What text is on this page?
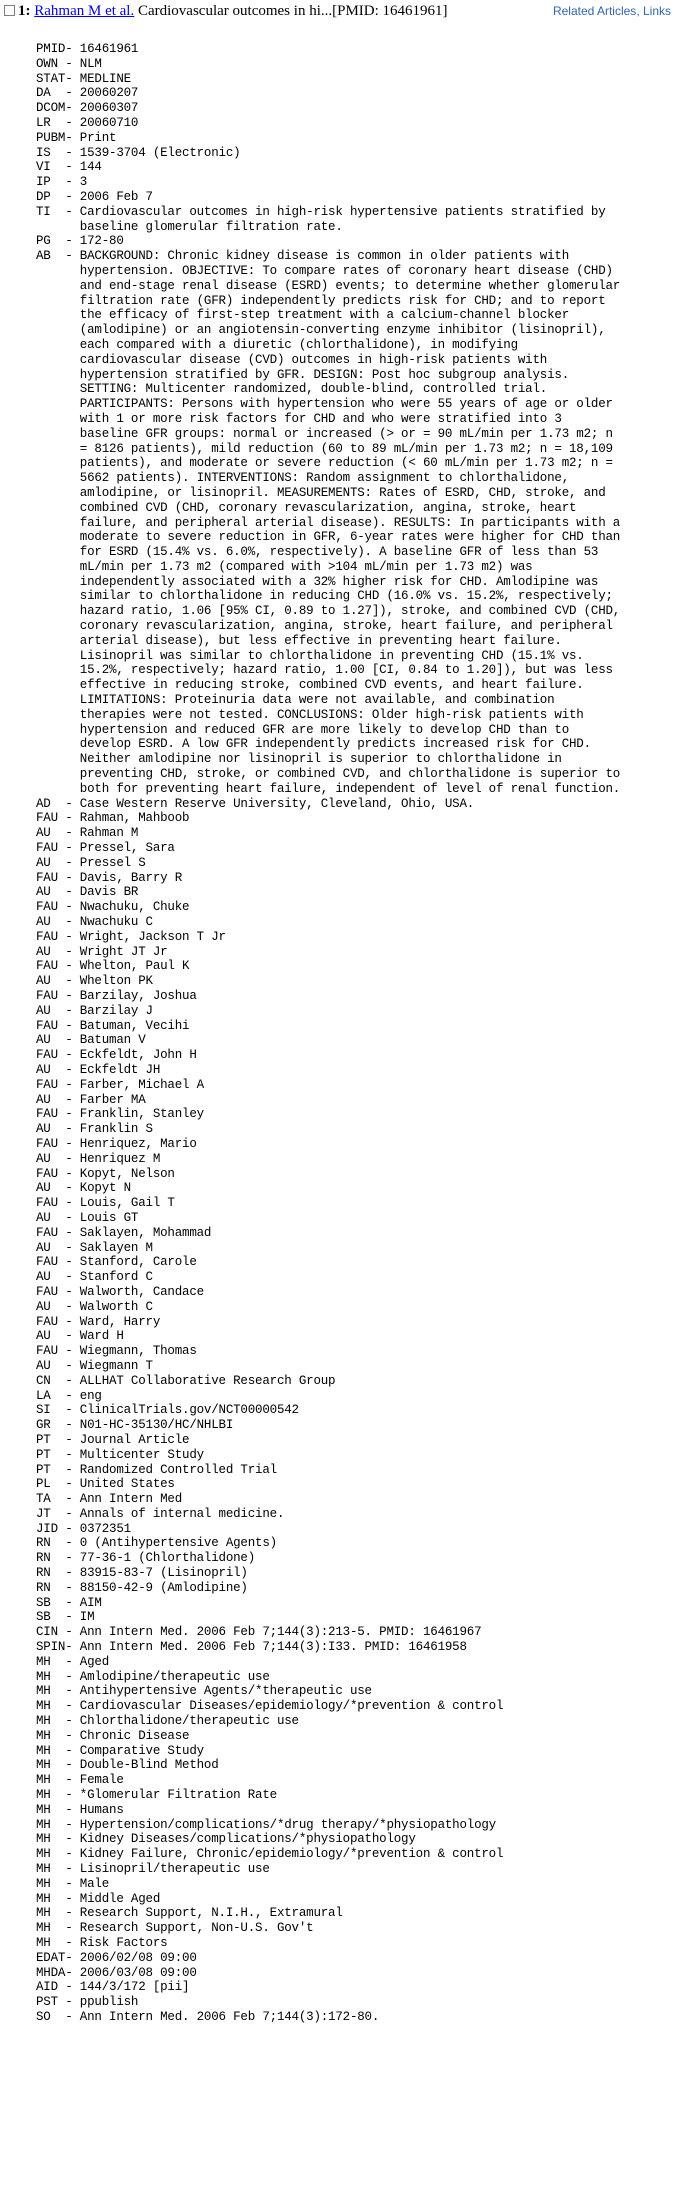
1: Rahman M et al. Cardiovascular outcomes in hi...[PMID: 16461961]	Related Articles, Links
PMID- 16461961
OWN - NLM
STAT- MEDLINE
DA  - 20060207
DCOM- 20060307
LR  - 20060710
PUBM- Print
IS  - 1539-3704 (Electronic)
VI  - 144
IP  - 3
DP  - 2006 Feb 7
TI  - Cardiovascular outcomes in high-risk hypertensive patients stratified by
baseline glomerular filtration rate.
PG  - 172-80
AB  - BACKGROUND: Chronic kidney disease is common in older patients with
hypertension. OBJECTIVE: To compare rates of coronary heart disease (CHD)
and end-stage renal disease (ESRD) events; to determine whether glomerular
filtration rate (GFR) independently predicts risk for CHD; and to report
the efficacy of first-step treatment with a calcium-channel blocker
(amlodipine) or an angiotensin-converting enzyme inhibitor (lisinopril),
each compared with a diuretic (chlorthalidone), in modifying
cardiovascular disease (CVD) outcomes in high-risk patients with
hypertension stratified by GFR. DESIGN: Post hoc subgroup analysis.
SETTING: Multicenter randomized, double-blind, controlled trial.
PARTICIPANTS: Persons with hypertension who were 55 years of age or older
with 1 or more risk factors for CHD and who were stratified into 3
baseline GFR groups: normal or increased (> or = 90 mL/min per 1.73 m2; n
= 8126 patients), mild reduction (60 to 89 mL/min per 1.73 m2; n = 18,109
patients), and moderate or severe reduction (< 60 mL/min per 1.73 m2; n =
5662 patients). INTERVENTIONS: Random assignment to chlorthalidone,
amlodipine, or lisinopril. MEASUREMENTS: Rates of ESRD, CHD, stroke, and
combined CVD (CHD, coronary revascularization, angina, stroke, heart
failure, and peripheral arterial disease). RESULTS: In participants with a
moderate to severe reduction in GFR, 6-year rates were higher for CHD than
for ESRD (15.4% vs. 6.0%, respectively). A baseline GFR of less than 53
mL/min per 1.73 m2 (compared with >104 mL/min per 1.73 m2) was
independently associated with a 32% higher risk for CHD. Amlodipine was
similar to chlorthalidone in reducing CHD (16.0% vs. 15.2%, respectively;
hazard ratio, 1.06 [95% CI, 0.89 to 1.27]), stroke, and combined CVD (CHD,
coronary revascularization, angina, stroke, heart failure, and peripheral
arterial disease), but less effective in preventing heart failure.
Lisinopril was similar to chlorthalidone in preventing CHD (15.1% vs.
15.2%, respectively; hazard ratio, 1.00 [CI, 0.84 to 1.20]), but was less
effective in reducing stroke, combined CVD events, and heart failure.
LIMITATIONS: Proteinuria data were not available, and combination
therapies were not tested. CONCLUSIONS: Older high-risk patients with
hypertension and reduced GFR are more likely to develop CHD than to
develop ESRD. A low GFR independently predicts increased risk for CHD.
Neither amlodipine nor lisinopril is superior to chlorthalidone in
preventing CHD, stroke, or combined CVD, and chlorthalidone is superior to
both for preventing heart failure, independent of level of renal function.
AD  - Case Western Reserve University, Cleveland, Ohio, USA.
FAU - Rahman, Mahboob
AU  - Rahman M
FAU - Pressel, Sara
AU  - Pressel S
FAU - Davis, Barry R
AU  - Davis BR
FAU - Nwachuku, Chuke
AU  - Nwachuku C
FAU - Wright, Jackson T Jr
AU  - Wright JT Jr
FAU - Whelton, Paul K
AU  - Whelton PK
FAU - Barzilay, Joshua
AU  - Barzilay J
FAU - Batuman, Vecihi
AU  - Batuman V
FAU - Eckfeldt, John H
AU  - Eckfeldt JH
FAU - Farber, Michael A
AU  - Farber MA
FAU - Franklin, Stanley
AU  - Franklin S
FAU - Henriquez, Mario
AU  - Henriquez M
FAU - Kopyt, Nelson
AU  - Kopyt N
FAU - Louis, Gail T
AU  - Louis GT
FAU - Saklayen, Mohammad
AU  - Saklayen M
FAU - Stanford, Carole
AU  - Stanford C
FAU - Walworth, Candace
AU  - Walworth C
FAU - Ward, Harry
AU  - Ward H
FAU - Wiegmann, Thomas
AU  - Wiegmann T
CN  - ALLHAT Collaborative Research Group
LA  - eng
SI  - ClinicalTrials.gov/NCT00000542
GR  - N01-HC-35130/HC/NHLBI
PT  - Journal Article
PT  - Multicenter Study
PT  - Randomized Controlled Trial
PL  - United States
TA  - Ann Intern Med
JT  - Annals of internal medicine.
JID - 0372351
RN  - 0 (Antihypertensive Agents)
RN  - 77-36-1 (Chlorthalidone)
RN  - 83915-83-7 (Lisinopril)
RN  - 88150-42-9 (Amlodipine)
SB  - AIM
SB  - IM
CIN - Ann Intern Med. 2006 Feb 7;144(3):213-5. PMID: 16461967
SPIN- Ann Intern Med. 2006 Feb 7;144(3):I33. PMID: 16461958
MH  - Aged
MH  - Amlodipine/therapeutic use
MH  - Antihypertensive Agents/*therapeutic use
MH  - Cardiovascular Diseases/epidemiology/*prevention & control
MH  - Chlorthalidone/therapeutic use
MH  - Chronic Disease
MH  - Comparative Study
MH  - Double-Blind Method
MH  - Female
MH  - *Glomerular Filtration Rate
MH  - Humans
MH  - Hypertension/complications/*drug therapy/*physiopathology
MH  - Kidney Diseases/complications/*physiopathology
MH  - Kidney Failure, Chronic/epidemiology/*prevention & control
MH  - Lisinopril/therapeutic use
MH  - Male
MH  - Middle Aged
MH  - Research Support, N.I.H., Extramural
MH  - Research Support, Non-U.S. Gov't
MH  - Risk Factors
EDAT- 2006/02/08 09:00
MHDA- 2006/03/08 09:00
AID - 144/3/172 [pii]
PST - ppublish
SO  - Ann Intern Med. 2006 Feb 7;144(3):172-80.
